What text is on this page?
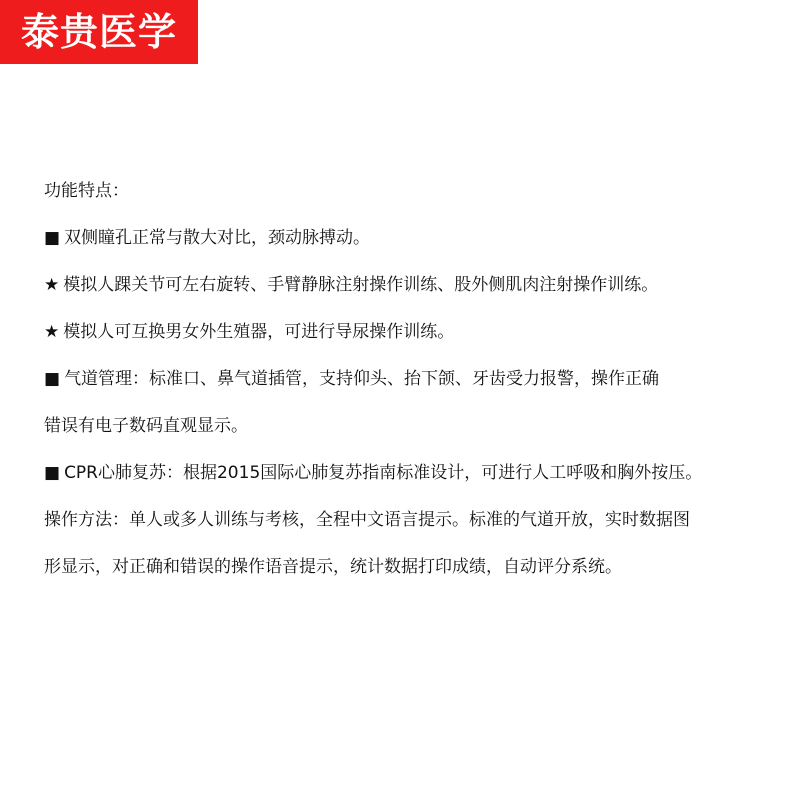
泰贵医学
功能特点：
■ 双侧瞳孔正常与散大对比，颈动脉搏动。
★ 模拟人踝关节可左右旋转、手臂静脉注射操作训练、股外侧肌肉注射操作训练。
★ 模拟人可互换男女外生殖器，可进行导尿操作训练。
■ 气道管理：标准口、鼻气道插管，支持仰头、抬下颌、牙齿受力报警，操作正确
错误有电子数码直观显示。
■ CPR心肺复苏：根据2015国际心肺复苏指南标准设计，可进行人工呼吸和胸外按压。
操作方法：单人或多人训练与考核，全程中文语言提示。标准的气道开放，实时数据图
形显示，对正确和错误的操作语音提示，统计数据打印成绩，自动评分系统。
